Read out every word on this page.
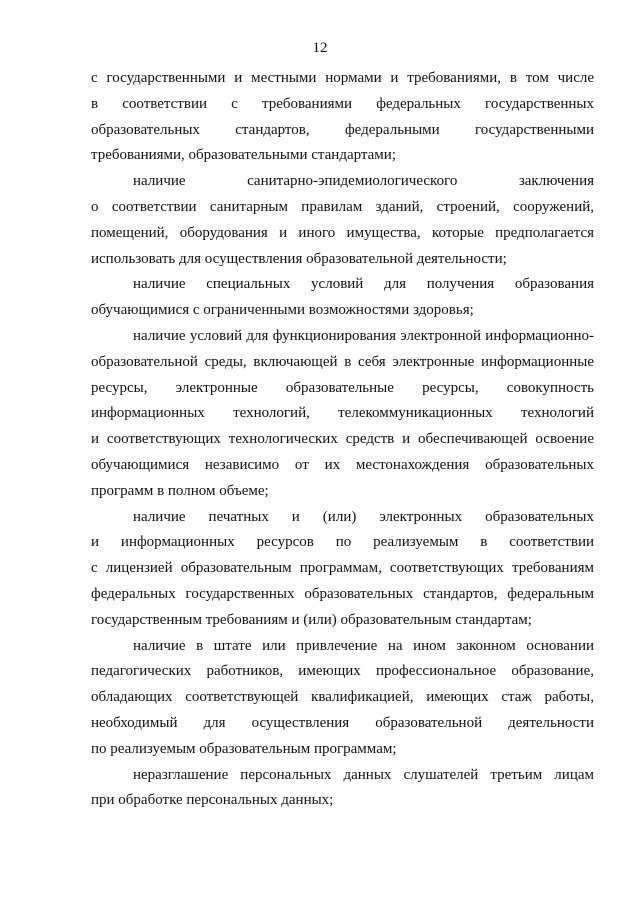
12
с государственными и местными нормами и требованиями, в том числе
в соответствии с требованиями федеральных государственных
образовательных стандартов, федеральными государственными
требованиями, образовательными стандартами;
наличие санитарно-эпидемиологического заключения
о соответствии санитарным правилам зданий, строений, сооружений,
помещений, оборудования и иного имущества, которые предполагается
использовать для осуществления образовательной деятельности;
наличие специальных условий для получения образования
обучающимися с ограниченными возможностями здоровья;
наличие условий для функционирования электронной информационно-
образовательной среды, включающей в себя электронные информационные
ресурсы, электронные образовательные ресурсы, совокупность
информационных технологий, телекоммуникационных технологий
и соответствующих технологических средств и обеспечивающей освоение
обучающимися независимо от их местонахождения образовательных
программ в полном объеме;
наличие печатных и (или) электронных образовательных
и информационных ресурсов по реализуемым в соответствии
с лицензией образовательным программам, соответствующих требованиям
федеральных государственных образовательных стандартов, федеральным
государственным требованиям и (или) образовательным стандартам;
наличие в штате или привлечение на ином законном основании
педагогических работников, имеющих профессиональное образование,
обладающих соответствующей квалификацией, имеющих стаж работы,
необходимый для осуществления образовательной деятельности
по реализуемым образовательным программам;
неразглашение персональных данных слушателей третьим лицам
при обработке персональных данных;
